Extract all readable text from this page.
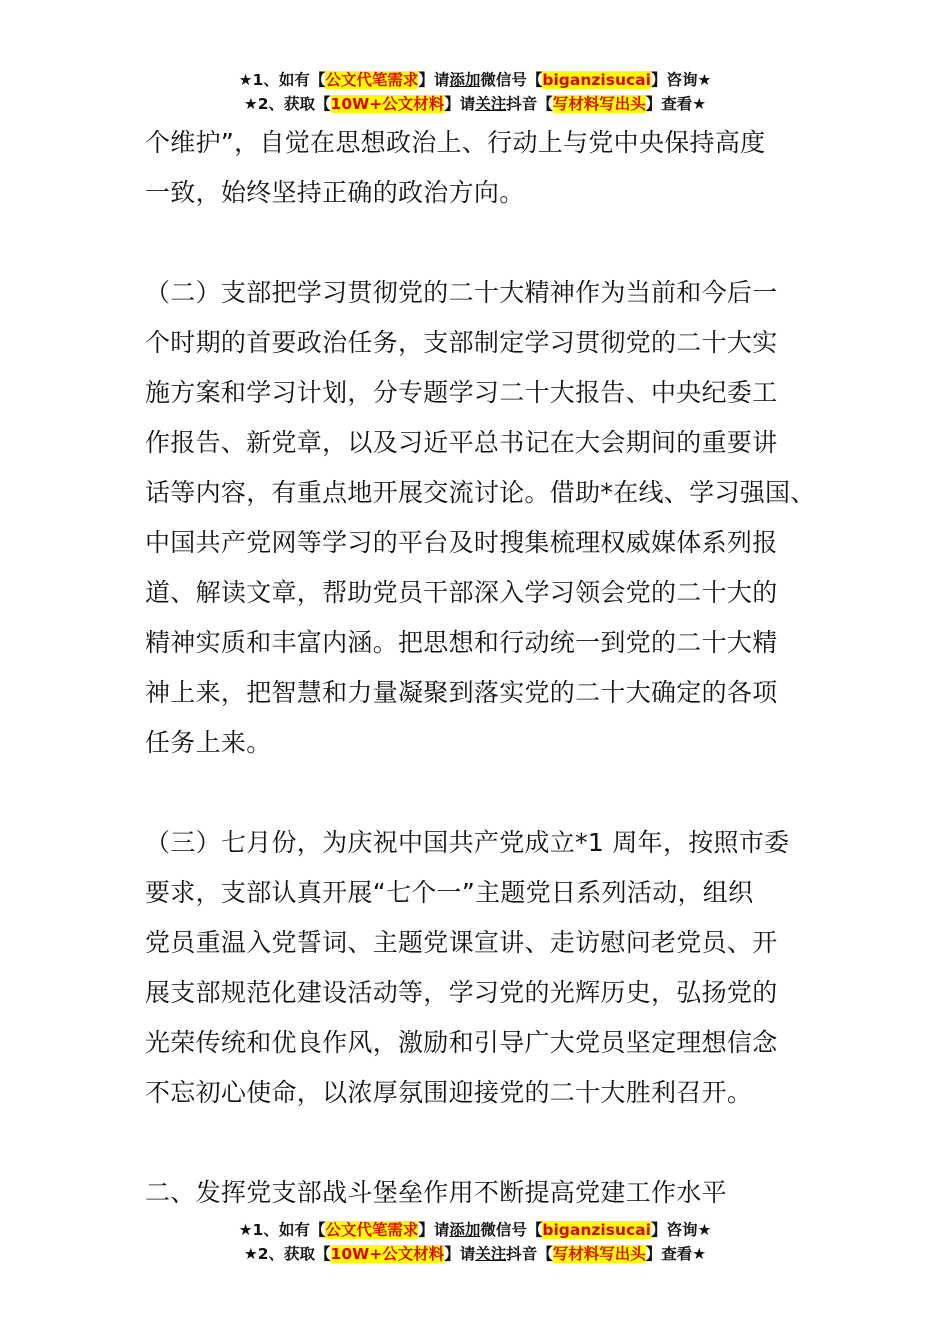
★1、如有【公文代笔需求】请添加微信号【biganzisucai】咨询★
★2、获取【10W+公文材料】请关注抖音【写材料写出头】查看★

个维护”，自觉在思想政治上、行动上与党中央保持高度

一致，始终坚持正确的政治方向。

（二）支部把学习贯彻党的二十大精神作为当前和今后一

个时期的首要政治任务，支部制定学习贯彻党的二十大实

施方案和学习计划，分专题学习二十大报告、中央纪委工

作报告、新党章，以及习近平总书记在大会期间的重要讲

话等内容，有重点地开展交流讨论。借助*在线、学习强国、

中国共产党网等学习的平台及时搜集梳理权威媒体系列报

道、解读文章，帮助党员干部深入学习领会党的二十大的

精神实质和丰富内涵。把思想和行动统一到党的二十大精

神上来，把智慧和力量凝聚到落实党的二十大确定的各项

任务上来。

（三）七月份，为庆祝中国共产党成立*1 周年，按照市委

要求，支部认真开展“七个一”主题党日系列活动，组织

党员重温入党誓词、主题党课宣讲、走访慰问老党员、开

展支部规范化建设活动等，学习党的光辉历史，弘扬党的

光荣传统和优良作风，激励和引导广大党员坚定理想信念

不忘初心使命，以浓厚氛围迎接党的二十大胜利召开。

二、发挥党支部战斗堡垒作用不断提高党建工作水平

★1、如有【公文代笔需求】请添加微信号【biganzisucai】咨询★
★2、获取【10W+公文材料】请关注抖音【写材料写出头】查看★
